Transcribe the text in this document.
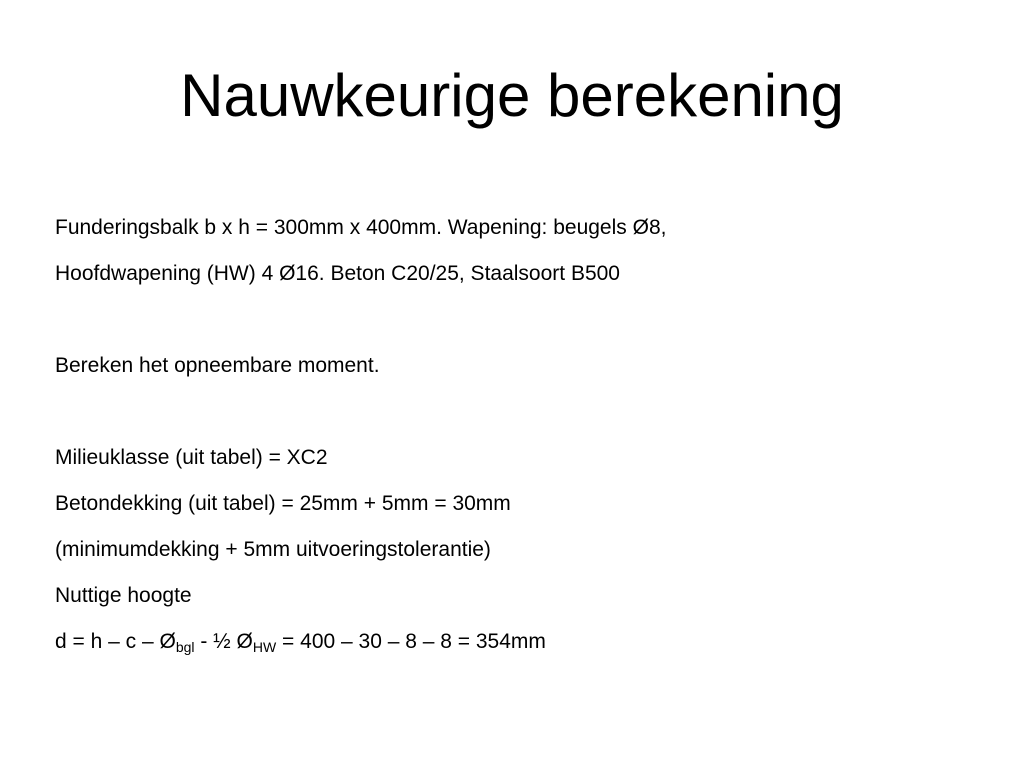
Nauwkeurige berekening
Funderingsbalk b x h = 300mm x 400mm. Wapening: beugels Ø8,
Hoofdwapening (HW) 4 Ø16. Beton C20/25, Staalsoort B500
Bereken het opneembare moment.
Milieuklasse (uit tabel) = XC2
Betondekking (uit tabel) = 25mm + 5mm = 30mm
(minimumdekking + 5mm uitvoeringstolerantie)
Nuttige hoogte
$d = h - c - Ø_{bgl}$ - ½ $Ø_{HW} = 400 - 30 - 8 - 8 = 354mm$
